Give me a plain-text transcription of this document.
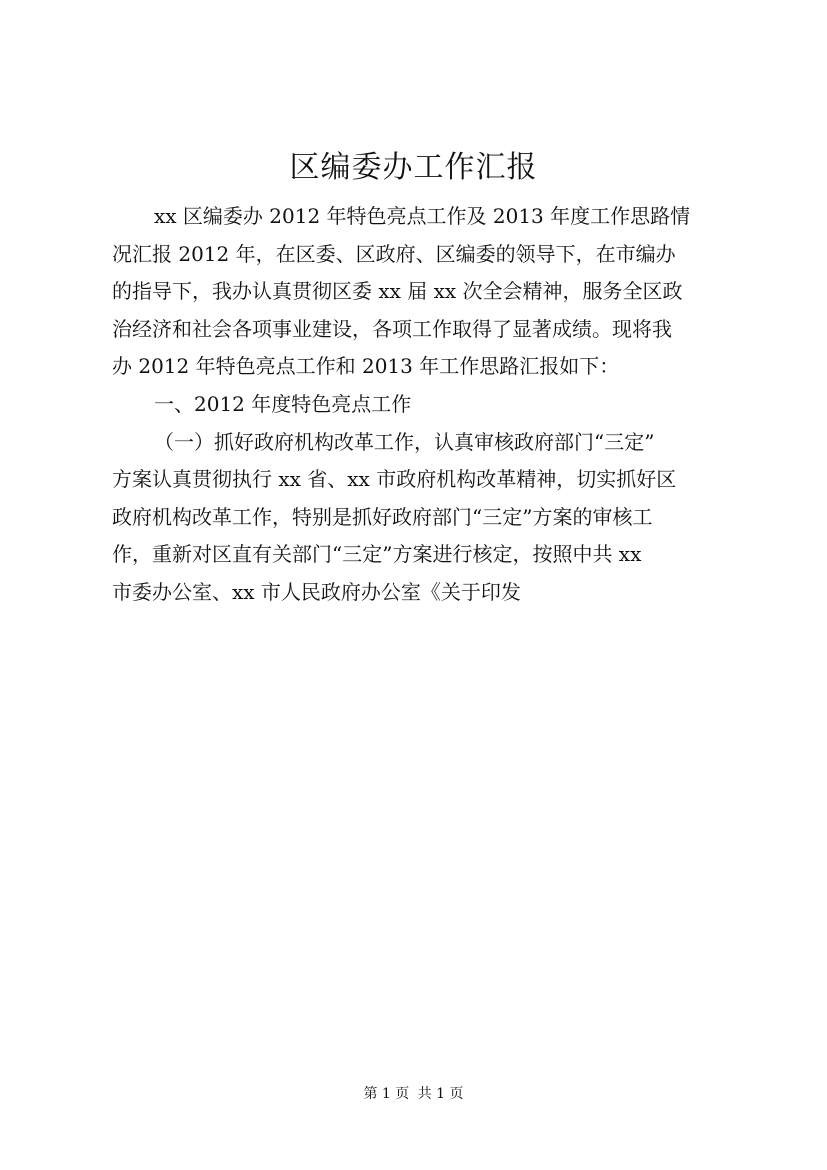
区编委办工作汇报
xx 区编委办 2012 年特色亮点工作及 2013 年度工作思路情
况汇报 2012 年，在区委、区政府、区编委的领导下，在市编办
的指导下，我办认真贯彻区委 xx 届 xx 次全会精神，服务全区政
治经济和社会各项事业建设，各项工作取得了显著成绩。现将我
办 2012 年特色亮点工作和 2013 年工作思路汇报如下：
一、2012 年度特色亮点工作
（一）抓好政府机构改革工作，认真审核政府部门“三定”
方案认真贯彻执行 xx 省、xx 市政府机构改革精神，切实抓好区
政府机构改革工作，特别是抓好政府部门“三定”方案的审核工
作，重新对区直有关部门“三定”方案进行核定，按照中共 xx
市委办公室、xx 市人民政府办公室《关于印发
第 1 页 共 1 页
